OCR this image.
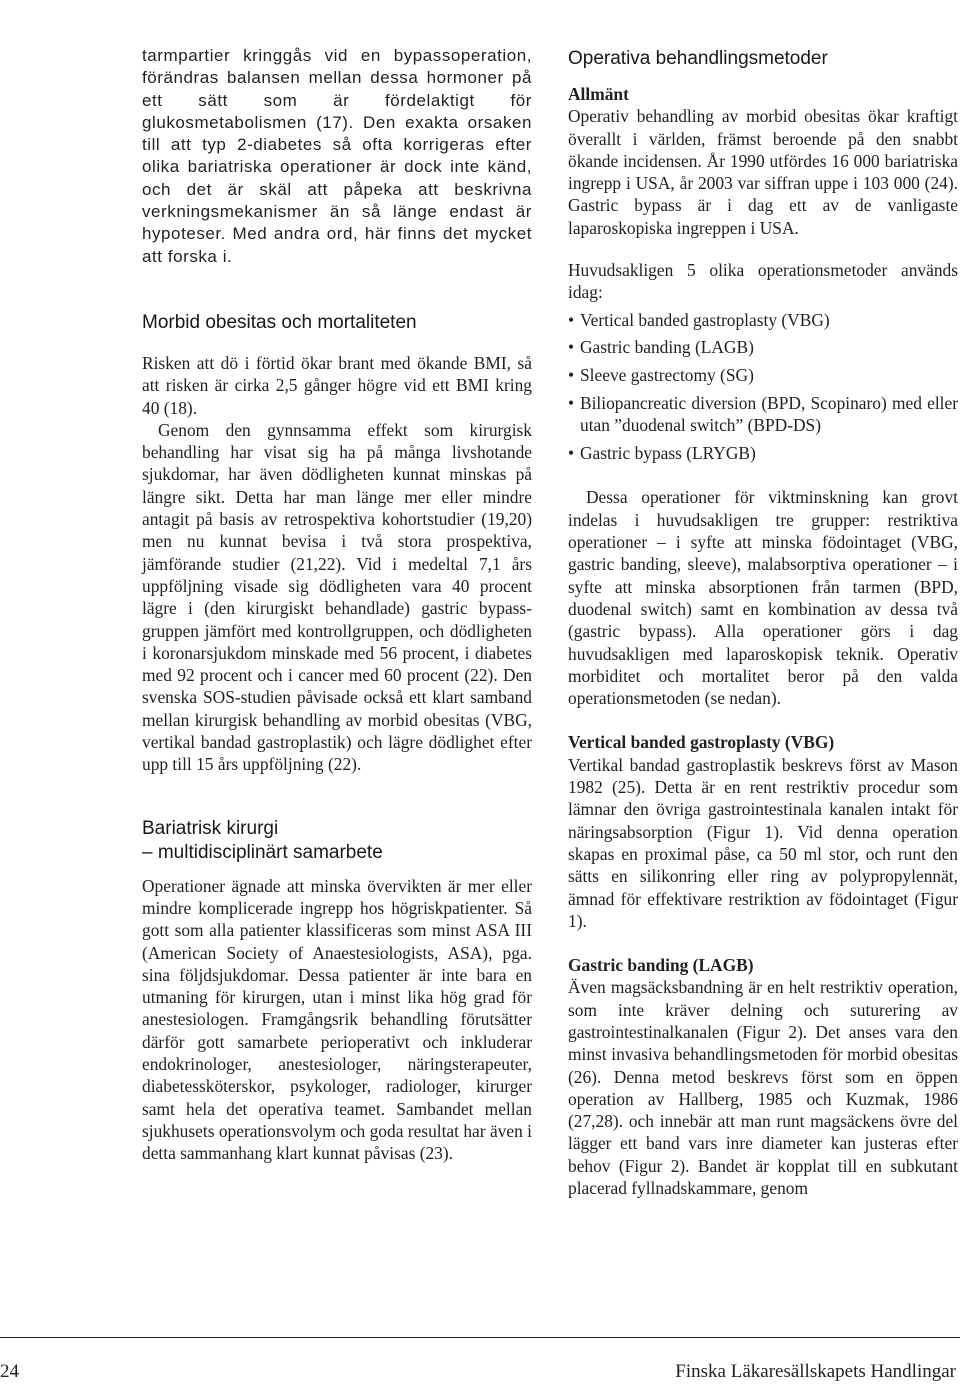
tarmpartier kringgås vid en bypassoperation, förändras balansen mellan dessa hormoner på ett sätt som är fördelaktigt för glukosmetabolismen (17). Den exakta orsaken till att typ 2-diabetes så ofta korrigeras efter olika bariatriska operationer är dock inte känd, och det är skäl att påpeka att beskrivna verkningsmekanismer än så länge endast är hypoteser. Med andra ord, här finns det mycket att forska i.

Morbid obesitas och mortaliteten

Risken att dö i förtid ökar brant med ökande BMI, så att risken är cirka 2,5 gånger högre vid ett BMI kring 40 (18).

Genom den gynnsamma effekt som kirurgisk behandling har visat sig ha på många livshotande sjukdomar, har även dödligheten kunnat minskas på längre sikt. Detta har man länge mer eller mindre antagit på basis av retrospektiva kohortstudier (19,20) men nu kunnat bevisa i två stora prospektiva, jämförande studier (21,22). Vid i medeltal 7,1 års uppföljning visade sig dödligheten vara 40 procent lägre i (den kirurgiskt behandlade) gastric bypass-gruppen jämfört med kontrollgruppen, och dödligheten i koronarsjukdom minskade med 56 procent, i diabetes med 92 procent och i cancer med 60 procent (22). Den svenska SOS-studien påvisade också ett klart samband mellan kirurgisk behandling av morbid obesitas (VBG, vertikal bandad gastroplastik) och lägre dödlighet efter upp till 15 års uppföljning (22).

Bariatrisk kirurgi
– multidisciplinärt samarbete

Operationer ägnade att minska övervikten är mer eller mindre komplicerade ingrepp hos högriskpatienter. Så gott som alla patienter klassificeras som minst ASA III (American Society of Anaestesiologists, ASA), pga. sina följdsjukdomar. Dessa patienter är inte bara en utmaning för kirurgen, utan i minst lika hög grad för anestesiologen. Framgångsrik behandling förutsätter därför gott samarbete perioperativt och inkluderar endokrinologer, anestesiologer, näringsterapeuter, diabetessköterskor, psykologer, radiologer, kirurger samt hela det operativa teamet. Sambandet mellan sjukhusets operationsvolym och goda resultat har även i detta sammanhang klart kunnat påvisas (23).

Operativa behandlingsmetoder
Allmänt

Operativ behandling av morbid obesitas ökar kraftigt överallt i världen, främst beroende på den snabbt ökande incidensen. År 1990 utfördes 16 000 bariatriska ingrepp i USA, år 2003 var siffran uppe i 103 000 (24). Gastric bypass är i dag ett av de vanligaste laparoskopiska ingreppen i USA.

Huvudsakligen 5 olika operationsmetoder används idag:

• Vertical banded gastroplasty (VBG)
• Gastric banding (LAGB)
• Sleeve gastrectomy (SG)
• Biliopancreatic diversion (BPD, Scopinaro) med eller utan ”duodenal switch” (BPD-DS)
• Gastric bypass (LRYGB)

Dessa operationer för viktminskning kan grovt indelas i huvudsakligen tre grupper: restriktiva operationer – i syfte att minska födointaget (VBG, gastric banding, sleeve), malabsorptiva operationer – i syfte att minska absorptionen från tarmen (BPD, duodenal switch) samt en kombination av dessa två (gastric bypass). Alla operationer görs i dag huvudsakligen med laparoskopisk teknik. Operativ morbiditet och mortalitet beror på den valda operationsmetoden (se nedan).

Vertical banded gastroplasty (VBG)

Vertikal bandad gastroplastik beskrevs först av Mason 1982 (25). Detta är en rent restriktiv procedur som lämnar den övriga gastrointestinala kanalen intakt för näringsabsorption (Figur 1). Vid denna operation skapas en proximal påse, ca 50 ml stor, och runt den sätts en silikonring eller ring av polypropylennät, ämnad för effektivare restriktion av födointaget (Figur 1).

Gastric banding (LAGB)

Även magsäcksbandning är en helt restriktiv operation, som inte kräver delning och suturering av gastrointestinalkanalen (Figur 2). Det anses vara den minst invasiva behandlingsmetoden för morbid obesitas (26). Denna metod beskrevs först som en öppen operation av Hallberg, 1985 och Kuzmak, 1986 (27,28). och innebär att man runt magsäckens övre del lägger ett band vars inre diameter kan justeras efter behov (Figur 2). Bandet är kopplat till en subkutant placerad fyllnadskammare, genom

24	Finska Läkaresällskapets Handlingar
